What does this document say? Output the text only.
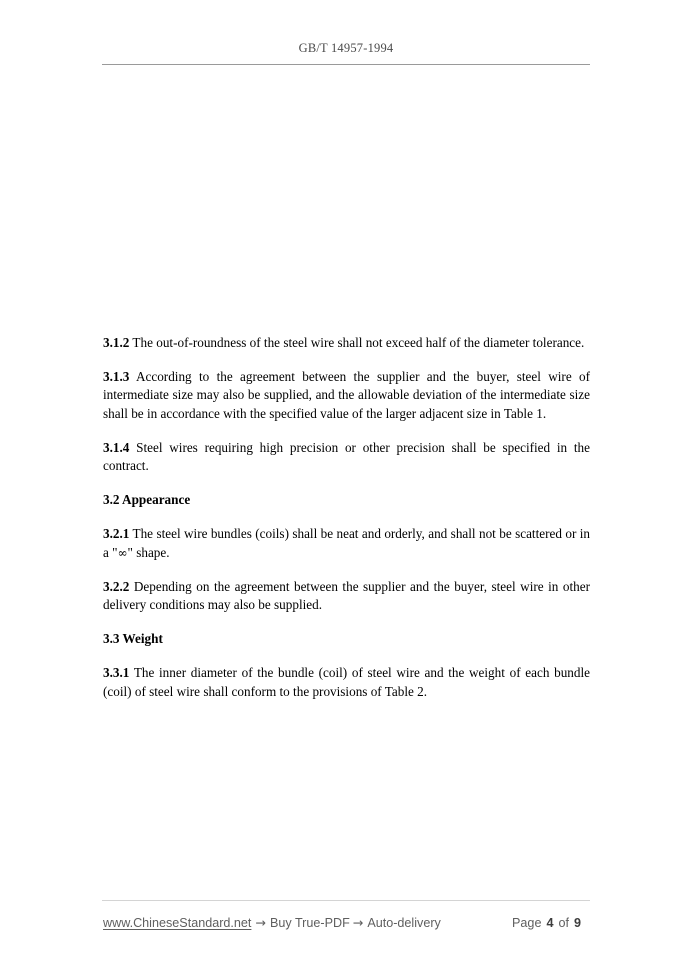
GB/T 14957-1994

3.1.2 The out-of-roundness of the steel wire shall not exceed half of the diameter tolerance.

3.1.3 According to the agreement between the supplier and the buyer, steel wire of intermediate size may also be supplied, and the allowable deviation of the intermediate size shall be in accordance with the specified value of the larger adjacent size in Table 1.

3.1.4 Steel wires requiring high precision or other precision shall be specified in the contract.

3.2 Appearance

3.2.1 The steel wire bundles (coils) shall be neat and orderly, and shall not be scattered or in a "∞" shape.

3.2.2 Depending on the agreement between the supplier and the buyer, steel wire in other delivery conditions may also be supplied.

3.3 Weight

3.3.1 The inner diameter of the bundle (coil) of steel wire and the weight of each bundle (coil) of steel wire shall conform to the provisions of Table 2.

www.ChineseStandard.net → Buy True-PDF → Auto-delivery	Page 4 of 9
